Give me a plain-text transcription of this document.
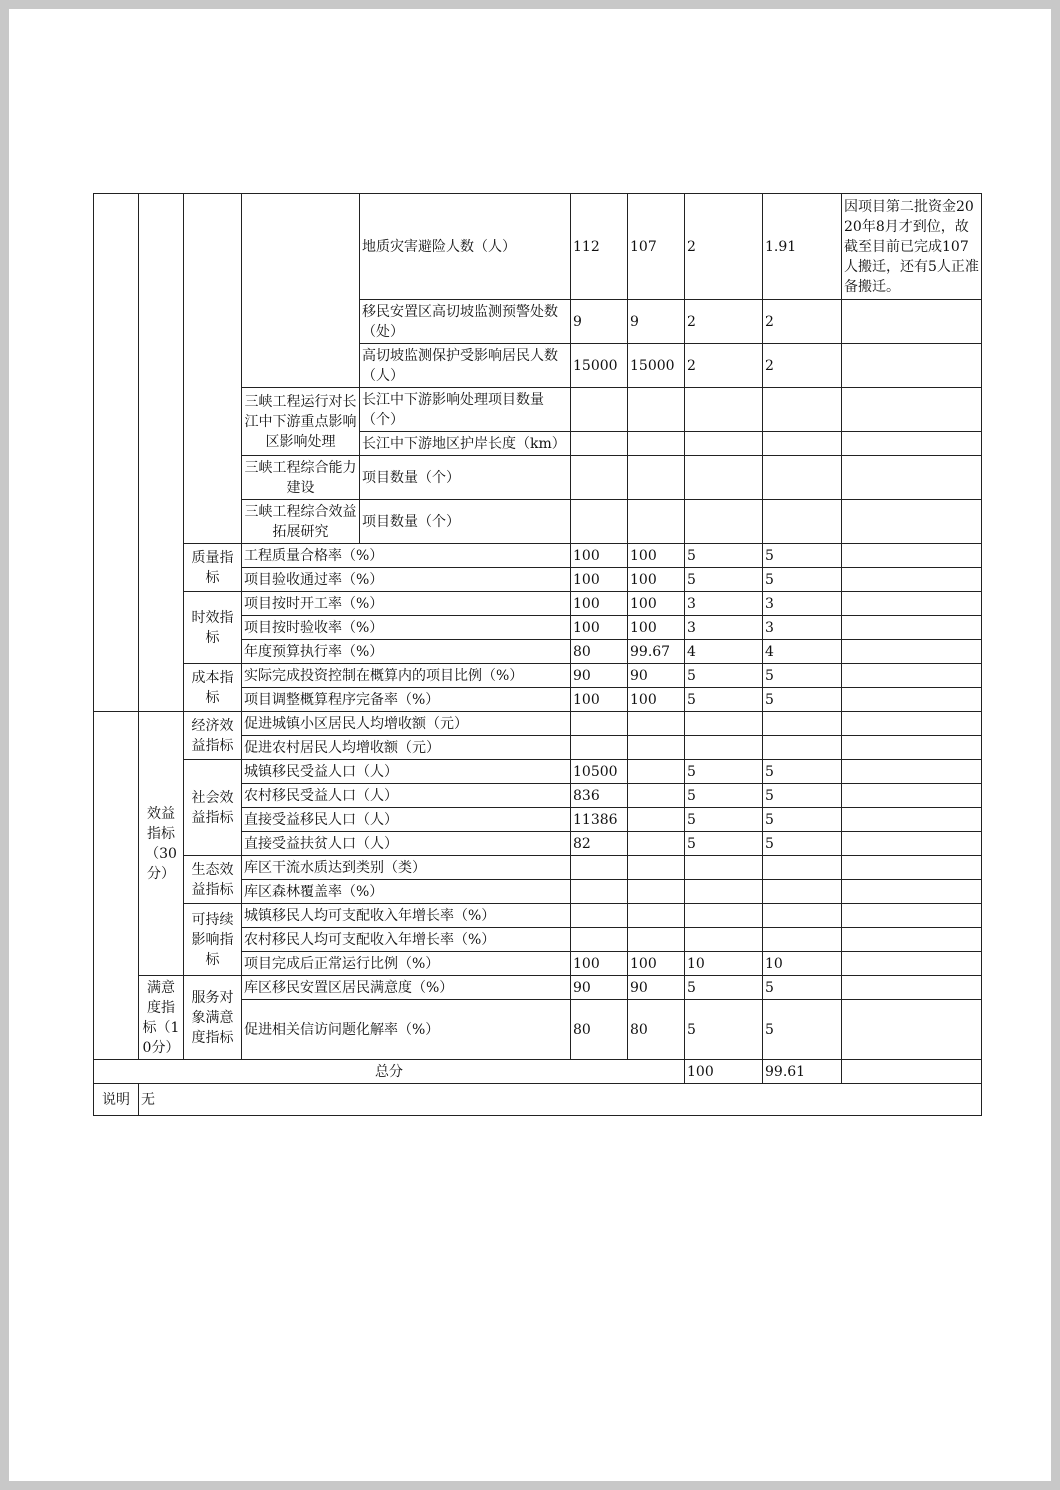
				地质灾害避险人数（人）	112	107	2	1.91	因项目第二批资金2020年8月才到位，故截至目前已完成107人搬迁，还有5人正准备搬迁。
				移民安置区高切坡监测预警处数（处）	9	9	2	2	
				高切坡监测保护受影响居民人数（人）	15000	15000	2	2	
			三峡工程运行对长江中下游重点影响区影响处理	长江中下游影响处理项目数量（个）					
				长江中下游地区护岸长度（km）					
			三峡工程综合能力建设	项目数量（个）					
			三峡工程综合效益拓展研究	项目数量（个）					
		质量指标	工程质量合格率（%）		100	100	5	5	
			项目验收通过率（%）		100	100	5	5	
		时效指标	项目按时开工率（%）		100	100	3	3	
			项目按时验收率（%）		100	100	3	3	
			年度预算执行率（%）		80	99.67	4	4	
		成本指标	实际完成投资控制在概算内的项目比例（%）		90	90	5	5	
			项目调整概算程序完备率（%）		100	100	5	5	
	效益指标（30分）	经济效益指标	促进城镇小区居民人均增收额（元）						
			促进农村居民人均增收额（元）						
		社会效益指标	城镇移民受益人口（人）		10500		5	5	
			农村移民受益人口（人）		836		5	5	
			直接受益移民人口（人）		11386		5	5	
			直接受益扶贫人口（人）		82		5	5	
		生态效益指标	库区干流水质达到类别（类）						
			库区森林覆盖率（%）						
		可持续影响指标	城镇移民人均可支配收入年增长率（%）						
			农村移民人均可支配收入年增长率（%）						
			项目完成后正常运行比例（%）		100	100	10	10	
	满意度指标（10分）	服务对象满意度指标	库区移民安置区居民满意度（%）		90	90	5	5	
			促进相关信访问题化解率（%）		80	80	5	5	
总分							100	99.61	
说明	无								
